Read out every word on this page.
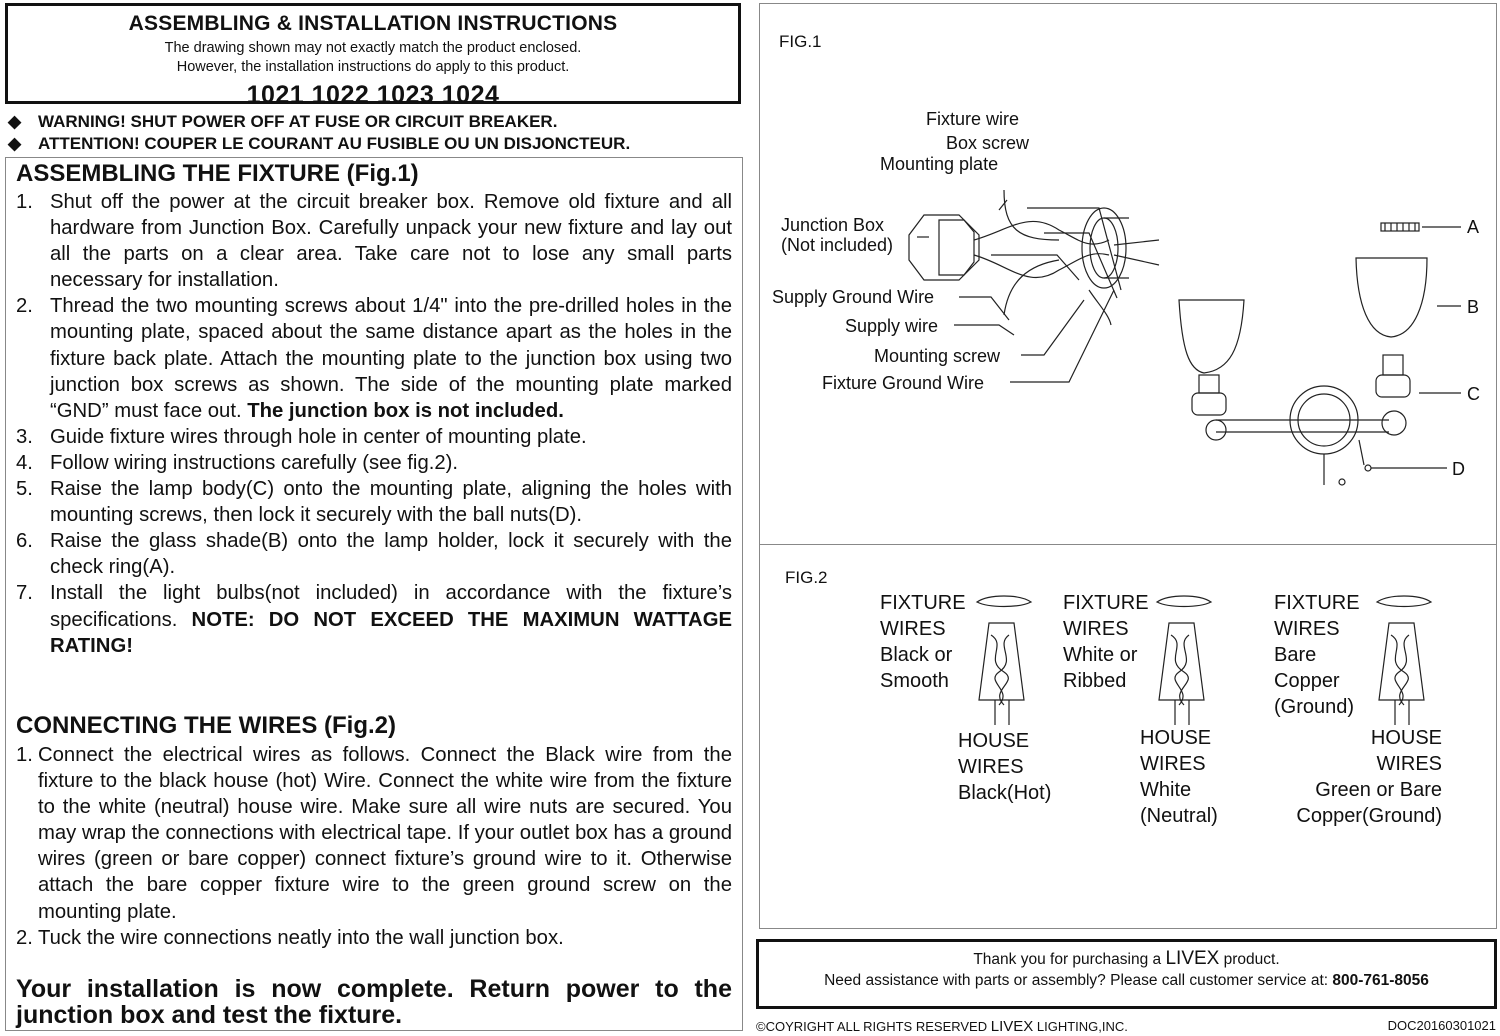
ASSEMBLING & INSTALLATION INSTRUCTIONS
The drawing shown may not exactly match the product enclosed.
However, the installation instructions do apply to this product.
1021 1022 1023 1024
◆ WARNING! SHUT POWER OFF AT FUSE OR CIRCUIT BREAKER.
◆ ATTENTION! COUPER LE COURANT AU FUSIBLE OU UN DISJONCTEUR.
ASSEMBLING THE FIXTURE (Fig.1)
1. Shut off the power at the circuit breaker box. Remove old fixture and all hardware from Junction Box. Carefully unpack your new fixture and lay out all the parts on a clear area. Take care not to lose any small parts necessary for installation.
2. Thread the two mounting screws about 1/4" into the pre-drilled holes in the mounting plate, spaced about the same distance apart as the holes in the fixture back plate. Attach the mounting plate to the junction box using two junction box screws as shown. The side of the mounting plate marked “GND” must face out. The junction box is not included.
3. Guide fixture wires through hole in center of mounting plate.
4. Follow wiring instructions carefully (see fig.2).
5. Raise the lamp body(C) onto the mounting plate, aligning the holes with mounting screws, then lock it securely with the ball nuts(D).
6. Raise the glass shade(B) onto the lamp holder, lock it securely with the check ring(A).
7. Install the light bulbs(not included) in accordance with the fixture’s specifications. NOTE: DO NOT EXCEED THE MAXIMUN WATTAGE RATING!
CONNECTING THE WIRES (Fig.2)
1. Connect the electrical wires as follows. Connect the Black wire from the fixture to the black house (hot) Wire. Connect the white wire from the fixture to the white (neutral) house wire. Make sure all wire nuts are secured. You may wrap the connections with electrical tape. If your outlet box has a ground wires (green or bare copper) connect fixture’s ground wire to it. Otherwise attach the bare copper fixture wire to the green ground screw on the mounting plate.
2. Tuck the wire connections neatly into the wall junction box.
Your installation is now complete. Return power to the junction box and test the fixture.
FIG.1
Fixture wire
Box screw
Mounting plate
Junction Box
(Not included)
Supply Ground Wire
Supply wire
Mounting screw
Fixture Ground Wire
A
B
C
D
FIG.2
FIXTURE
WIRES
Black or
Smooth
HOUSE
WIRES
Black(Hot)
FIXTURE
WIRES
White or
Ribbed
HOUSE
WIRES
White
(Neutral)
FIXTURE
WIRES
Bare
Copper
(Ground)
HOUSE
WIRES
Green or Bare
Copper(Ground)
Thank you for purchasing a LIVEX product.
Need assistance with parts or assembly? Please call customer service at: 800-761-8056
©COYRIGHT ALL RIGHTS RESERVED LIVEX LIGHTING,INC.	DOC20160301021
